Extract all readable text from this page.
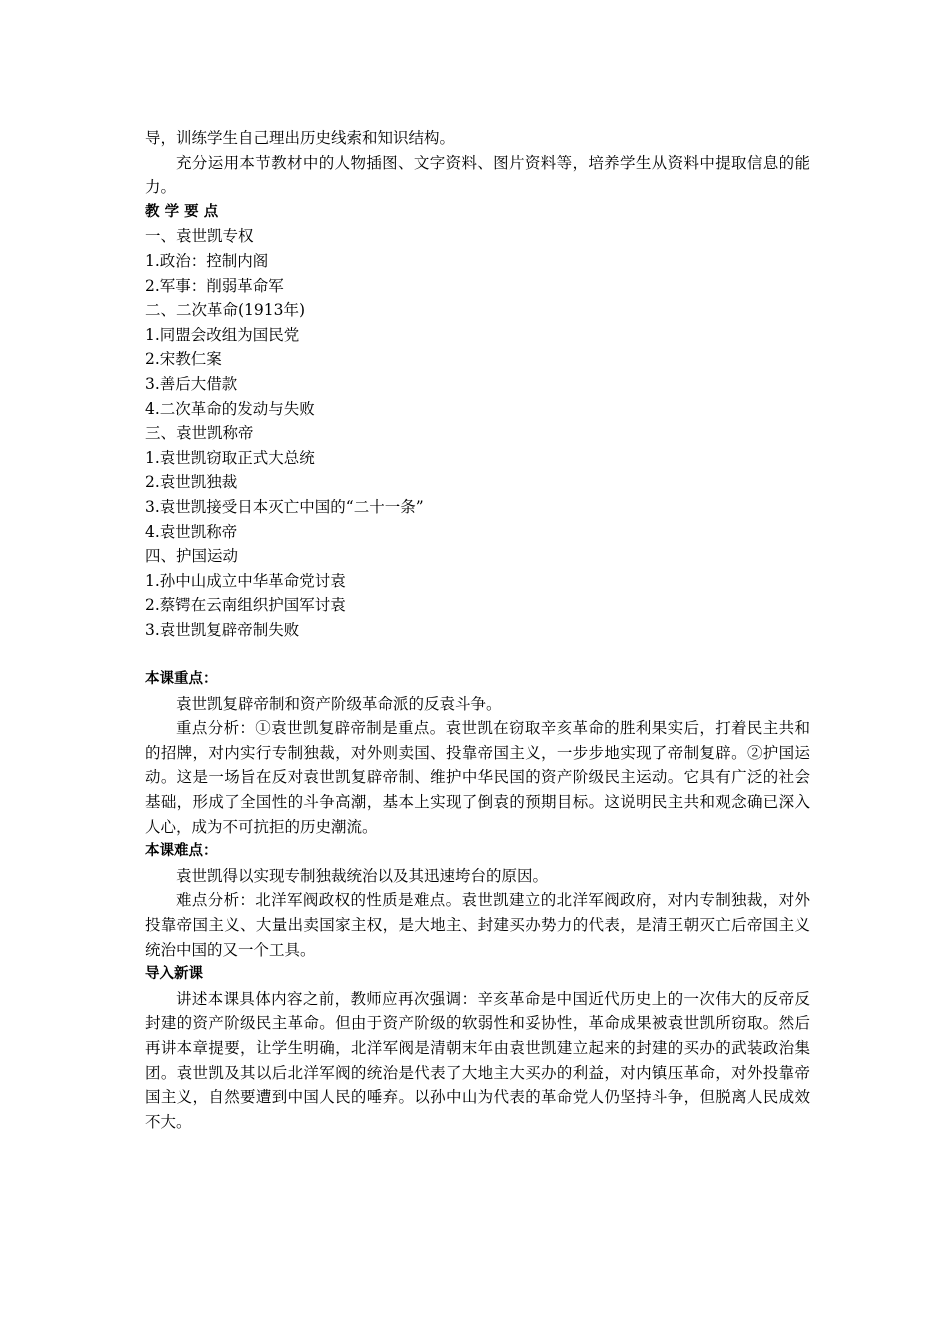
导，训练学生自己理出历史线索和知识结构。

充分运用本节教材中的人物插图、文字资料、图片资料等，培养学生从资料中提取信息的能力。

教学要点

一、袁世凯专权

1.政治：控制内阁

2.军事：削弱革命军

二、二次革命(1913年)

1.同盟会改组为国民党

2.宋教仁案

3.善后大借款

4.二次革命的发动与失败

三、袁世凯称帝

1.袁世凯窃取正式大总统

2.袁世凯独裁

3.袁世凯接受日本灭亡中国的“二十一条”

4.袁世凯称帝

四、护国运动

1.孙中山成立中华革命党讨袁

2.蔡锷在云南组织护国军讨袁

3.袁世凯复辟帝制失败

本课重点：

袁世凯复辟帝制和资产阶级革命派的反袁斗争。

重点分析：①袁世凯复辟帝制是重点。袁世凯在窃取辛亥革命的胜利果实后，打着民主共和的招牌，对内实行专制独裁，对外则卖国、投靠帝国主义，一步步地实现了帝制复辟。②护国运动。这是一场旨在反对袁世凯复辟帝制、维护中华民国的资产阶级民主运动。它具有广泛的社会基础，形成了全国性的斗争高潮，基本上实现了倒袁的预期目标。这说明民主共和观念确已深入人心，成为不可抗拒的历史潮流。

本课难点：

袁世凯得以实现专制独裁统治以及其迅速垮台的原因。

难点分析：北洋军阀政权的性质是难点。袁世凯建立的北洋军阀政府，对内专制独裁，对外投靠帝国主义、大量出卖国家主权，是大地主、封建买办势力的代表，是清王朝灭亡后帝国主义统治中国的又一个工具。

导入新课

讲述本课具体内容之前，教师应再次强调：辛亥革命是中国近代历史上的一次伟大的反帝反封建的资产阶级民主革命。但由于资产阶级的软弱性和妥协性，革命成果被袁世凯所窃取。然后再讲本章提要，让学生明确，北洋军阀是清朝末年由袁世凯建立起来的封建的买办的武装政治集团。袁世凯及其以后北洋军阀的统治是代表了大地主大买办的利益，对内镇压革命，对外投靠帝国主义，自然要遭到中国人民的唾弃。以孙中山为代表的革命党人仍坚持斗争，但脱离人民成效不大。
